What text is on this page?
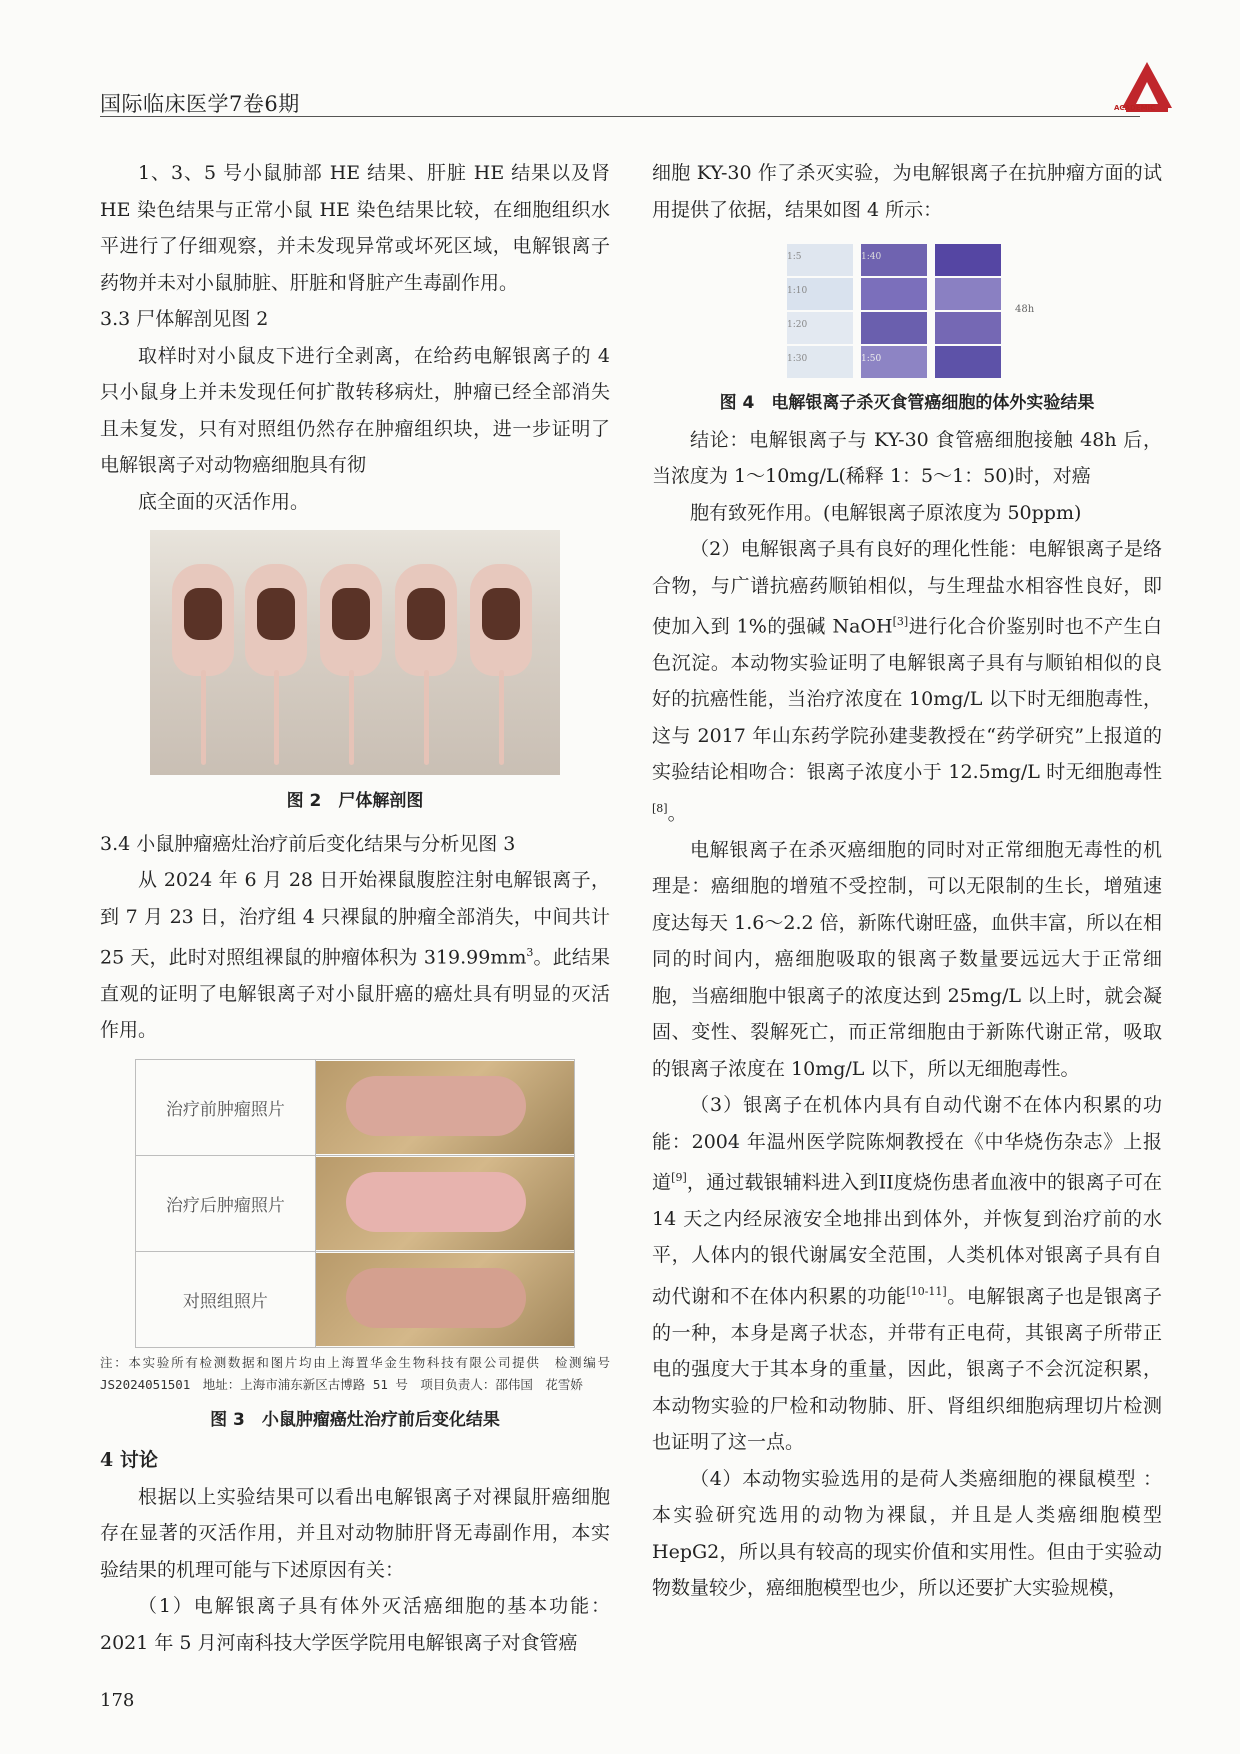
国际临床医学7卷6期	ACADEMIC

1、3、5 号小鼠肺部 HE 结果、肝脏 HE 结果以及肾 HE 染色结果与正常小鼠 HE 染色结果比较，在细胞组织水平进行了仔细观察，并未发现异常或坏死区域，电解银离子药物并未对小鼠肺脏、肝脏和肾脏产生毒副作用。

3.3 尸体解剖见图 2

取样时对小鼠皮下进行全剥离，在给药电解银离子的 4 只小鼠身上并未发现任何扩散转移病灶，肿瘤已经全部消失且未复发，只有对照组仍然存在肿瘤组织块，进一步证明了电解银离子对动物癌细胞具有彻

底全面的灭活作用。

图 2　尸体解剖图

3.4 小鼠肿瘤癌灶治疗前后变化结果与分析见图 3

从 2024 年 6 月 28 日开始裸鼠腹腔注射电解银离子，到 7 月 23 日，治疗组 4 只裸鼠的肿瘤全部消失，中间共计 25 天，此时对照组裸鼠的肿瘤体积为 $319.99mm^3$。此结果直观的证明了电解银离子对小鼠肝癌的癌灶具有明显的灭活作用。

治疗前肿瘤照片	

治疗后肿瘤照片	

对照组照片	

注：本实验所有检测数据和图片均由上海置华金生物科技有限公司提供　检测编号 JS2024051501　地址：上海市浦东新区古博路 51 号　项目负责人：邵伟国　花雪娇

图 3　小鼠肿瘤癌灶治疗前后变化结果

4 讨论

根据以上实验结果可以看出电解银离子对裸鼠肝癌细胞存在显著的灭活作用，并且对动物肺肝肾无毒副作用，本实验结果的机理可能与下述原因有关：

（1）电解银离子具有体外灭活癌细胞的基本功能：2021 年 5 月河南科技大学医学院用电解银离子对食管癌

细胞 KY-30 作了杀灭实验，为电解银离子在抗肿瘤方面的试用提供了依据，结果如图 4 所示：

1:5	1:40
1:10
1:20
1:30	1:50
48h

图 4　电解银离子杀灭食管癌细胞的体外实验结果

结论：电解银离子与 KY-30 食管癌细胞接触 48h 后，当浓度为 1～10mg/L(稀释 1：5～1：50)时，对癌

胞有致死作用。(电解银离子原浓度为 50ppm)

（2）电解银离子具有良好的理化性能：电解银离子是络合物，与广谱抗癌药顺铂相似，与生理盐水相容性良好，即使加入到 1%的强碱 NaOH[3]进行化合价鉴别时也不产生白色沉淀。本动物实验证明了电解银离子具有与顺铂相似的良好的抗癌性能，当治疗浓度在 10mg/L 以下时无细胞毒性，这与 2017 年山东药学院孙建斐教授在“药学研究”上报道的实验结论相吻合：银离子浓度小于 12.5mg/L 时无细胞毒性[8]。

电解银离子在杀灭癌细胞的同时对正常细胞无毒性的机理是：癌细胞的增殖不受控制，可以无限制的生长，增殖速度达每天 1.6～2.2 倍，新陈代谢旺盛，血供丰富，所以在相同的时间内，癌细胞吸取的银离子数量要远远大于正常细胞，当癌细胞中银离子的浓度达到 25mg/L 以上时，就会凝固、变性、裂解死亡，而正常细胞由于新陈代谢正常，吸取的银离子浓度在 10mg/L 以下，所以无细胞毒性。

（3）银离子在机体内具有自动代谢不在体内积累的功能：2004 年温州医学院陈炯教授在《中华烧伤杂志》上报道[9]，通过载银辅料进入到II度烧伤患者血液中的银离子可在 14 天之内经尿液安全地排出到体外，并恢复到治疗前的水平，人体内的银代谢属安全范围，人类机体对银离子具有自动代谢和不在体内积累的功能[10-11]。电解银离子也是银离子的一种，本身是离子状态，并带有正电荷，其银离子所带正电的强度大于其本身的重量，因此，银离子不会沉淀积累，本动物实验的尸检和动物肺、肝、肾组织细胞病理切片检测也证明了这一点。

（4）本动物实验选用的是荷人类癌细胞的裸鼠模型 ：本实验研究选用的动物为裸鼠，并且是人类癌细胞模型 HepG2，所以具有较高的现实价值和实用性。但由于实验动物数量较少，癌细胞模型也少，所以还要扩大实验规模，

178
